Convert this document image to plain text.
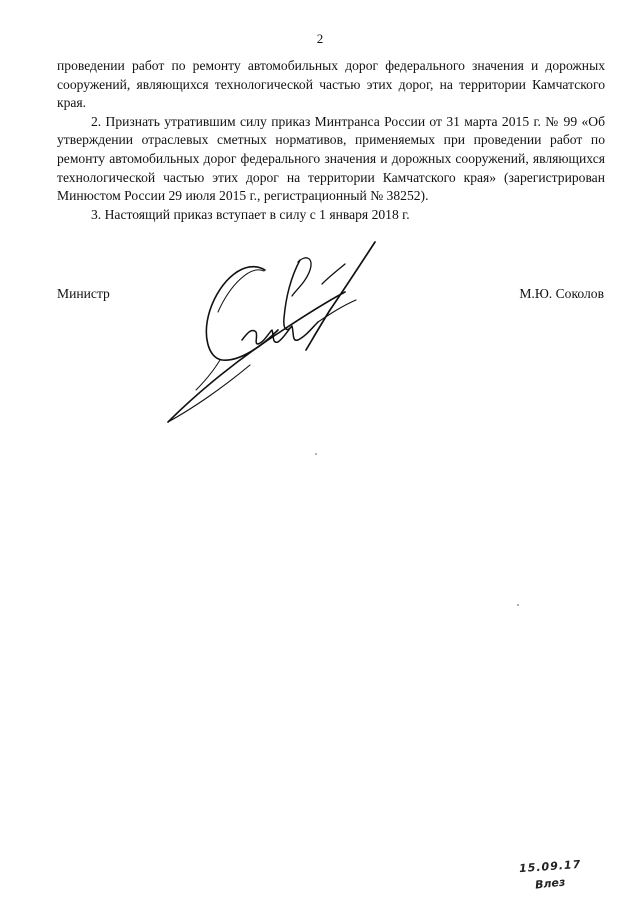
2

проведении работ по ремонту автомобильных дорог федерального значения и дорожных сооружений, являющихся технологической частью этих дорог, на территории Камчатского края.

2. Признать утратившим силу приказ Минтранса России от 31 марта 2015 г. № 99 «Об утверждении отраслевых сметных нормативов, применяемых при проведении работ по ремонту автомобильных дорог федерального значения и дорожных сооружений, являющихся технологической частью этих дорог на территории Камчатского края» (зарегистрирован Минюстом России 29 июля 2015 г., регистрационный № 38252).

3. Настоящий приказ вступает в силу с 1 января 2018 г.

Министр	М.Ю. Соколов
15.09.17
Влез
